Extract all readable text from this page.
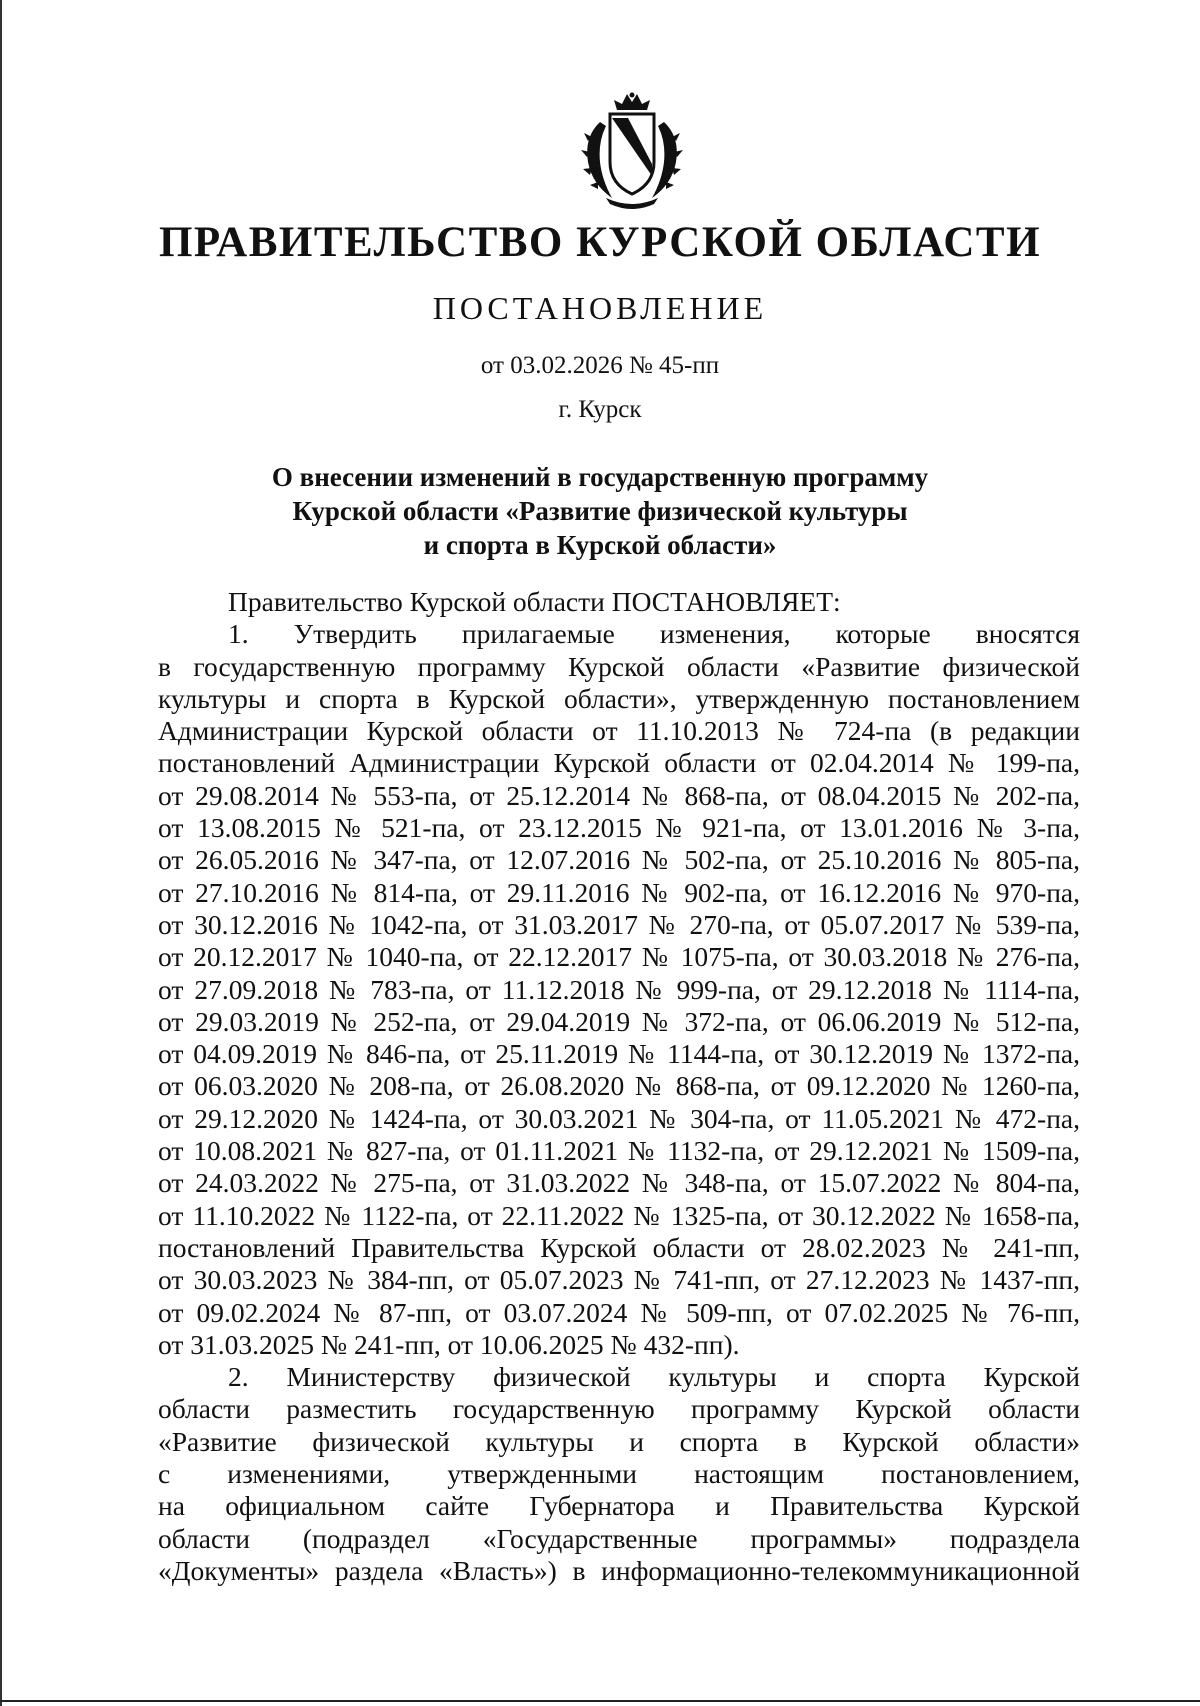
ПРАВИТЕЛЬСТВО КУРСКОЙ ОБЛАСТИ
ПОСТАНОВЛЕНИЕ
от 03.02.2026 № 45-пп
г. Курск
О внесении изменений в государственную программу
Курской области «Развитие физической культуры
и спорта в Курской области»
Правительство Курской области ПОСТАНОВЛЯЕТ:
1. Утвердить прилагаемые изменения, которые вносятся
в государственную программу Курской области «Развитие физической
культуры и спорта в Курской области», утвержденную постановлением
Администрации Курской области от 11.10.2013 № 724-па (в редакции
постановлений Администрации Курской области от 02.04.2014 № 199-па,
от 29.08.2014 № 553-па, от 25.12.2014 № 868-па, от 08.04.2015 № 202-па,
от 13.08.2015 № 521-па, от 23.12.2015 № 921-па, от 13.01.2016 № 3-па,
от 26.05.2016 № 347-па, от 12.07.2016 № 502-па, от 25.10.2016 № 805-па,
от 27.10.2016 № 814-па, от 29.11.2016 № 902-па, от 16.12.2016 № 970-па,
от 30.12.2016 № 1042-па, от 31.03.2017 № 270-па, от 05.07.2017 № 539-па,
от 20.12.2017 № 1040-па, от 22.12.2017 № 1075-па, от 30.03.2018 № 276-па,
от 27.09.2018 № 783-па, от 11.12.2018 № 999-па, от 29.12.2018 № 1114-па,
от 29.03.2019 № 252-па, от 29.04.2019 № 372-па, от 06.06.2019 № 512-па,
от 04.09.2019 № 846-па, от 25.11.2019 № 1144-па, от 30.12.2019 № 1372-па,
от 06.03.2020 № 208-па, от 26.08.2020 № 868-па, от 09.12.2020 № 1260-па,
от 29.12.2020 № 1424-па, от 30.03.2021 № 304-па, от 11.05.2021 № 472-па,
от 10.08.2021 № 827-па, от 01.11.2021 № 1132-па, от 29.12.2021 № 1509-па,
от 24.03.2022 № 275-па, от 31.03.2022 № 348-па, от 15.07.2022 № 804-па,
от 11.10.2022 № 1122-па, от 22.11.2022 № 1325-па, от 30.12.2022 № 1658-па,
постановлений Правительства Курской области от 28.02.2023 № 241-пп,
от 30.03.2023 № 384-пп, от 05.07.2023 № 741-пп, от 27.12.2023 № 1437-пп,
от 09.02.2024 № 87-пп, от 03.07.2024 № 509-пп, от 07.02.2025 № 76-пп,
от 31.03.2025 № 241-пп, от 10.06.2025 № 432-пп).
2. Министерству физической культуры и спорта Курской
области разместить государственную программу Курской области
«Развитие физической культуры и спорта в Курской области»
с изменениями, утвержденными настоящим постановлением,
на официальном сайте Губернатора и Правительства Курской
области (подраздел «Государственные программы» подраздела
«Документы» раздела «Власть») в информационно-телекоммуникационной
